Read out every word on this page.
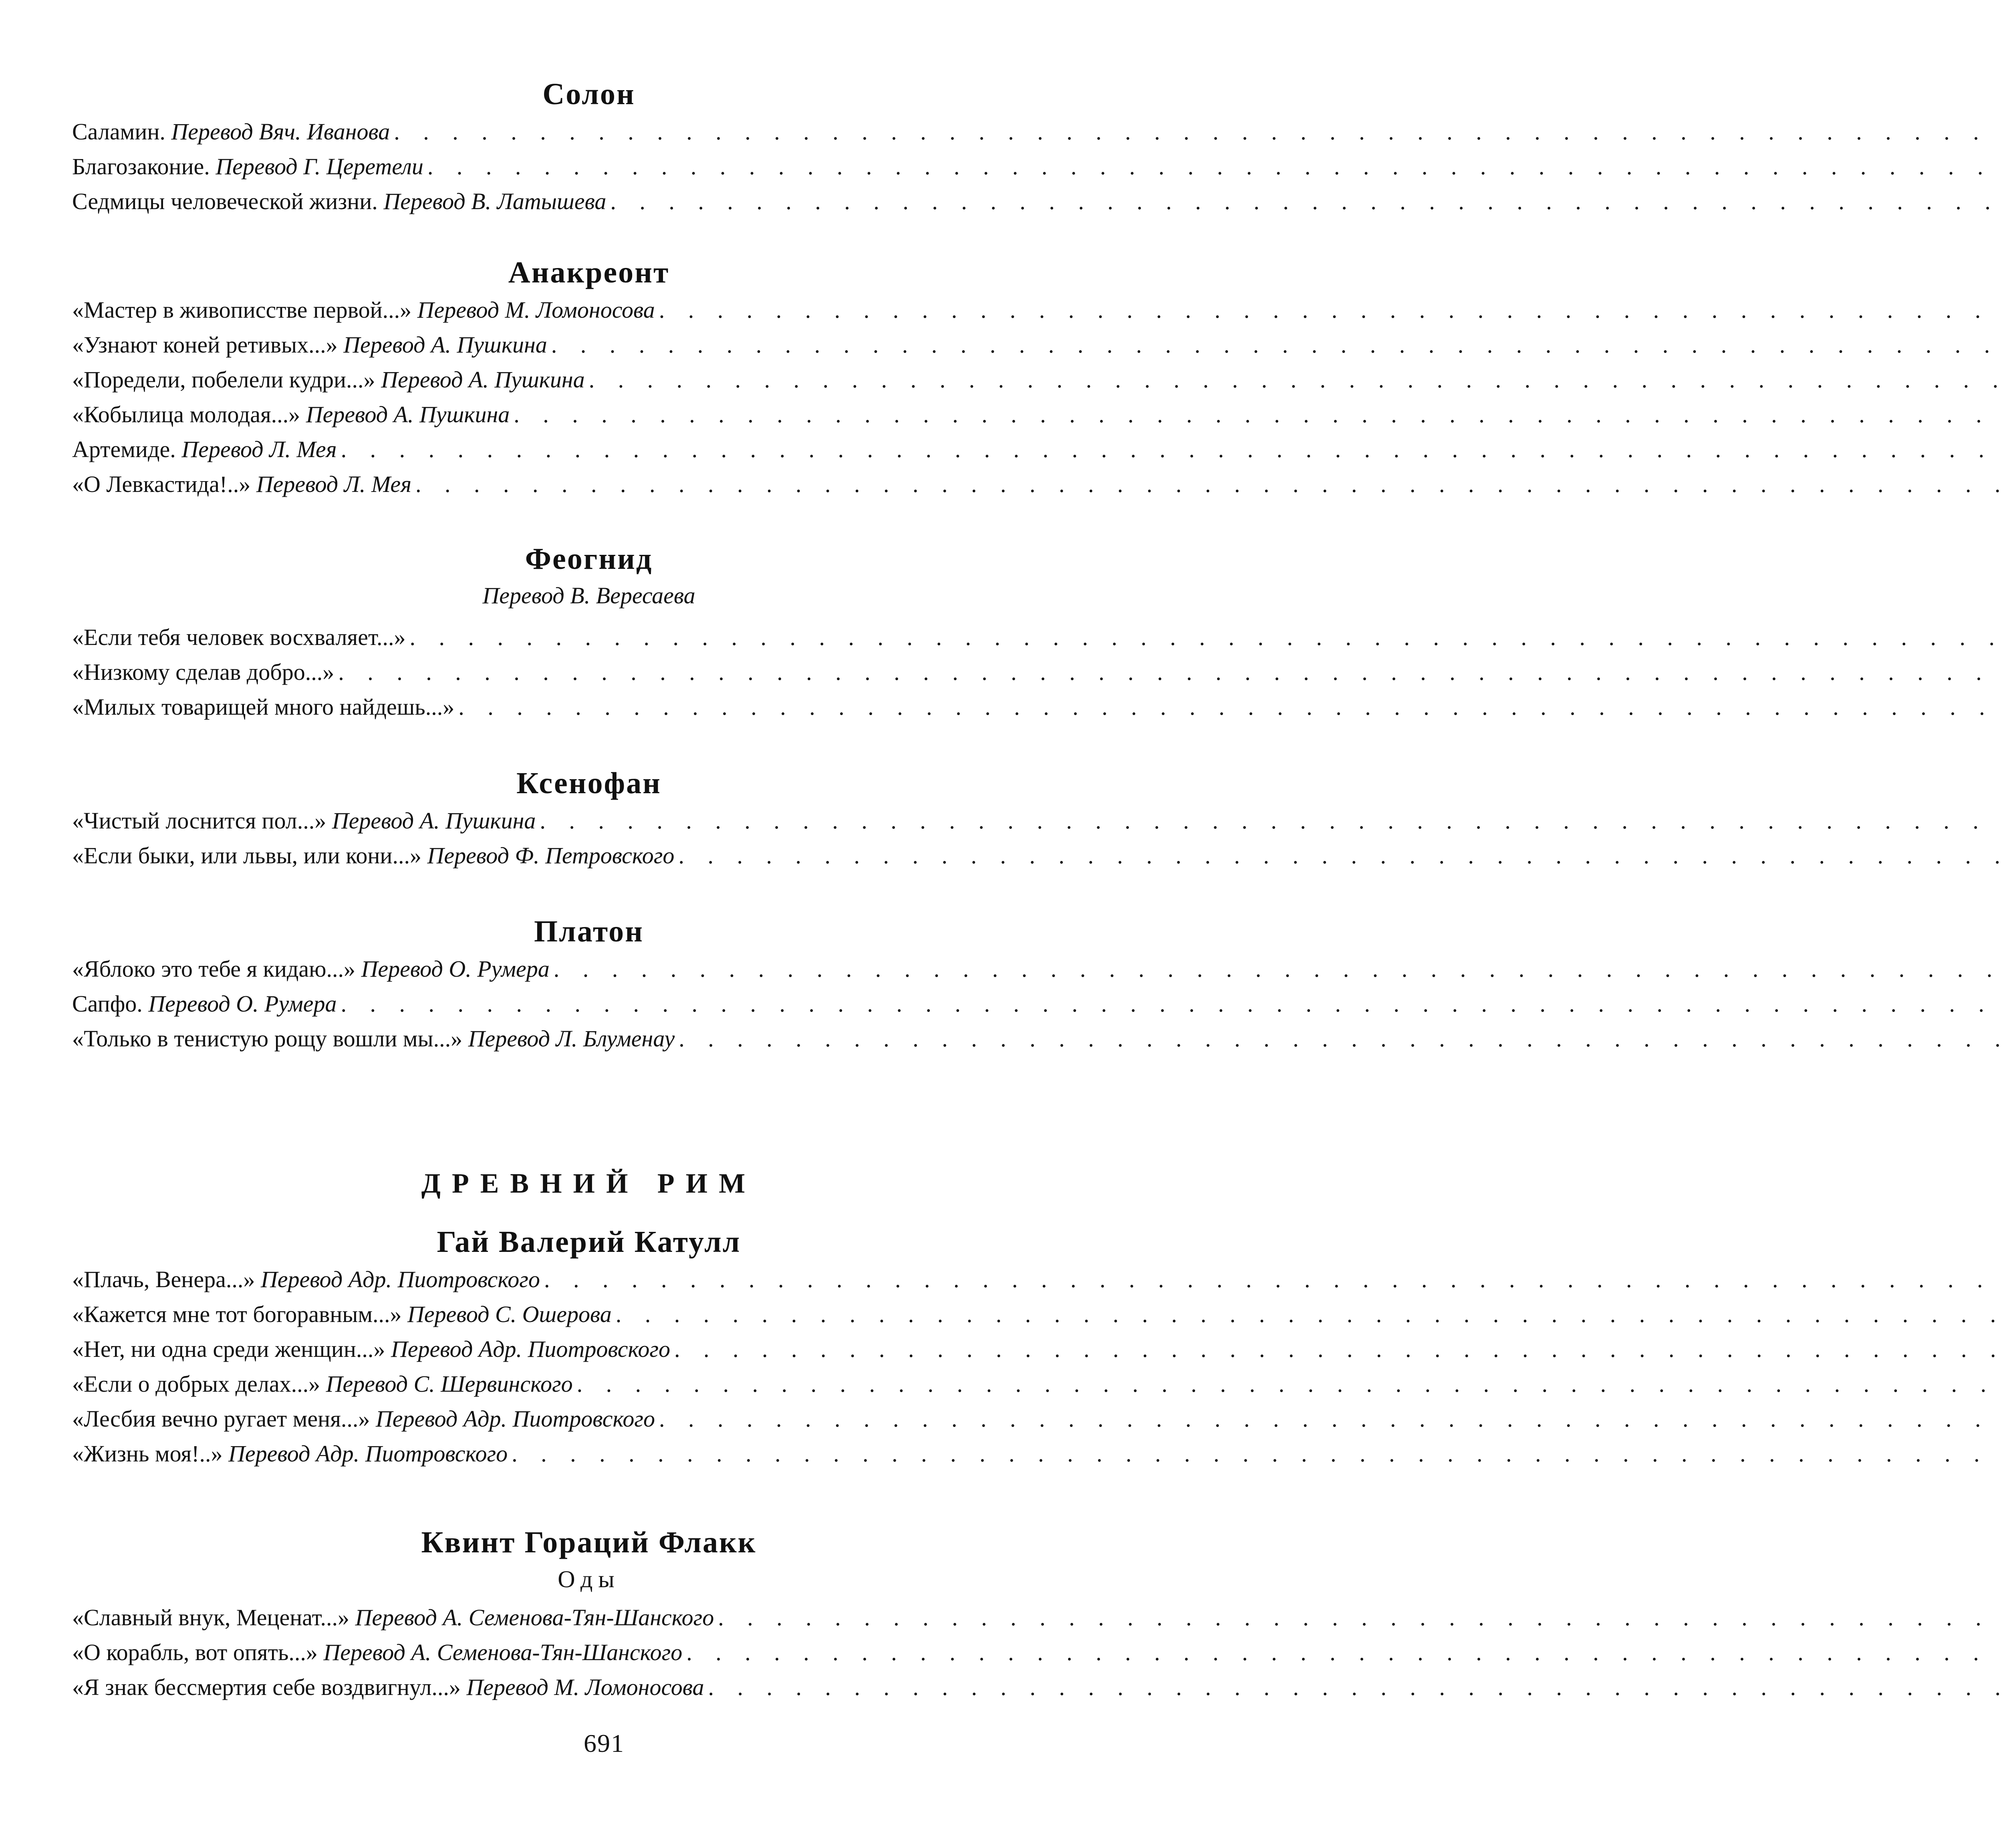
Солон
Саламин. Перевод Вяч. Иванова
. . .
Благозаконие. Перевод Г. Церетели
. . .
Седмицы человеческой жизни. Перевод В. Латышева
. . .
Анакреонт
«Мастер в живописстве первой...» Перевод М. Ломоносова
. . .
«Узнают коней ретивых...» Перевод А. Пушкина
. . .
«Поредели, побелели кудри...» Перевод А. Пушкина
. . .
«Кобылица молодая...» Перевод А. Пушкина
. . .
Артемиде. Перевод Л. Мея
. . .
«О Левкастида!..» Перевод Л. Мея
. . .
Феогнид

Перевод В. Вересаева

«Если тебя человек восхваляет...»
. . .
«Низкому сделав добро...»
. . .
«Милых товарищей много найдешь...»
. . .
Ксенофан
«Чистый лоснится пол...» Перевод А. Пушкина
. . .
«Если быки, или львы, или кони...» Перевод Ф. Петровского
. . .
Платон
«Яблоко это тебе я кидаю...» Перевод О. Румера
. . .
Сапфо. Перевод О. Румера
. . .
«Только в тенистую рощу вошли мы...» Перевод Л. Блуменау
. . .
ДРЕВНИЙ РИМ
Гай Валерий Катулл
«Плачь, Венера...» Перевод Адр. Пиотровского
. . .
«Кажется мне тот богоравным...» Перевод С. Ошерова
. . .
«Нет, ни одна среди женщин...» Перевод Адр. Пиотровского
. . .
«Если о добрых делах...» Перевод С. Шервинского
. . .
«Лесбия вечно ругает меня...» Перевод Адр. Пиотровского
. . .
«Жизнь моя!..» Перевод Адр. Пиотровского
. . .
Квинт Гораций Флакк

Оды

«Славный внук, Меценат...» Перевод А. Семенова-Тян-Шанского
. . .
«О корабль, вот опять...» Перевод А. Семенова-Тян-Шанского
. . .
«Я знак бессмертия себе воздвигнул...» Перевод М. Ломоносова
. . .
691
